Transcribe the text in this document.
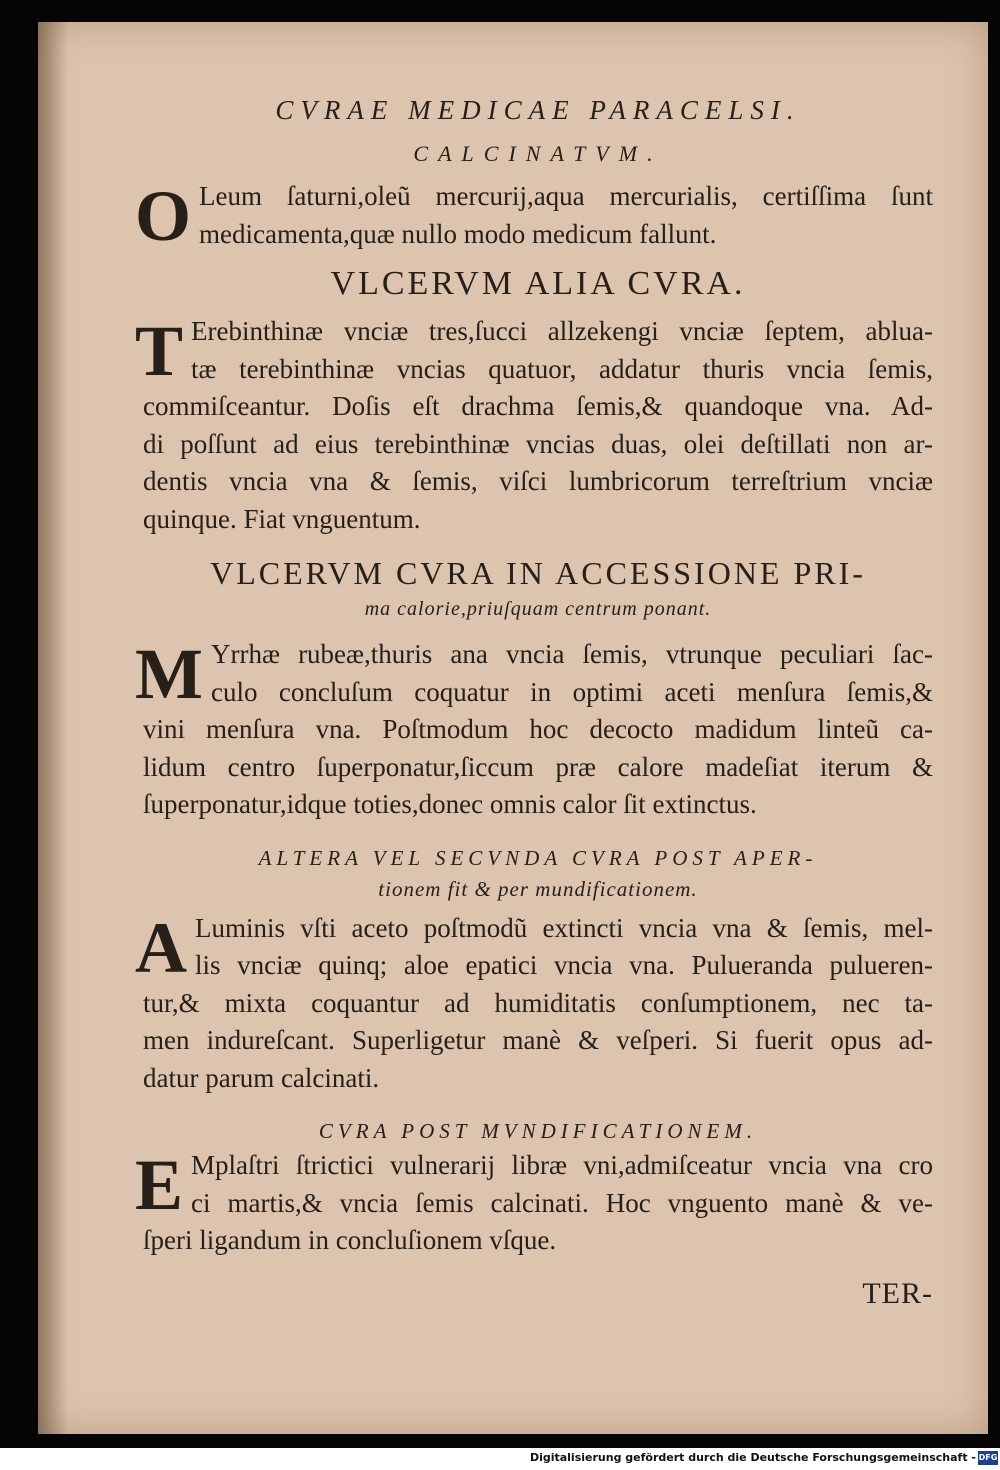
CVRAE MEDICAE PARACELSI.
CALCINATVM.
O Leum ſaturni,oleũ mercurij,aqua mercurialis, certiſſima ſunt
medicamenta,quæ nullo modo medicum fallunt.
VLCERVM ALIA CVRA.
T Erebinthinæ vnciæ tres,ſucci allzekengi vnciæ ſeptem, ablua-
tæ terebinthinæ vncias quatuor, addatur thuris vncia ſemis,
commiſceantur. Doſis eſt drachma ſemis,& quandoque vna. Ad-
di poſſunt ad eius terebinthinæ vncias duas, olei deſtillati non ar-
dentis vncia vna & ſemis, viſci lumbricorum terreſtrium vnciæ
quinque. Fiat vnguentum.
VLCERVM CVRA IN ACCESSIONE PRI-
ma calorie,priuſquam centrum ponant.
M Yrrhæ rubeæ,thuris ana vncia ſemis, vtrunque peculiari ſac-
culo concluſum coquatur in optimi aceti menſura ſemis,&
vini menſura vna. Poſtmodum hoc decocto madidum linteũ ca-
lidum centro ſuperponatur,ſiccum præ calore madeſiat iterum &
ſuperponatur,idque toties,donec omnis calor ſit extinctus.
ALTERA VEL SECVNDA CVRA POST APER-
tionem fit & per mundificationem.
A Luminis vſti aceto poſtmodũ extincti vncia vna & ſemis, mel-
lis vnciæ quinq; aloe epatici vncia vna. Pulueranda pulueren-
tur,& mixta coquantur ad humiditatis conſumptionem, nec ta-
men indureſcant. Superligetur manè & veſperi. Si fuerit opus ad-
datur parum calcinati.
CVRA POST MVNDIFICATIONEM.
E Mplaſtri ſtrictici vulnerarij libræ vni,admiſceatur vncia vna cro
ci martis,& vncia ſemis calcinati. Hoc vnguento manè & ve-
ſperi ligandum in concluſionem vſque.
TER-
Digitalisierung gefördert durch die Deutsche Forschungsgemeinschaft - DFG
